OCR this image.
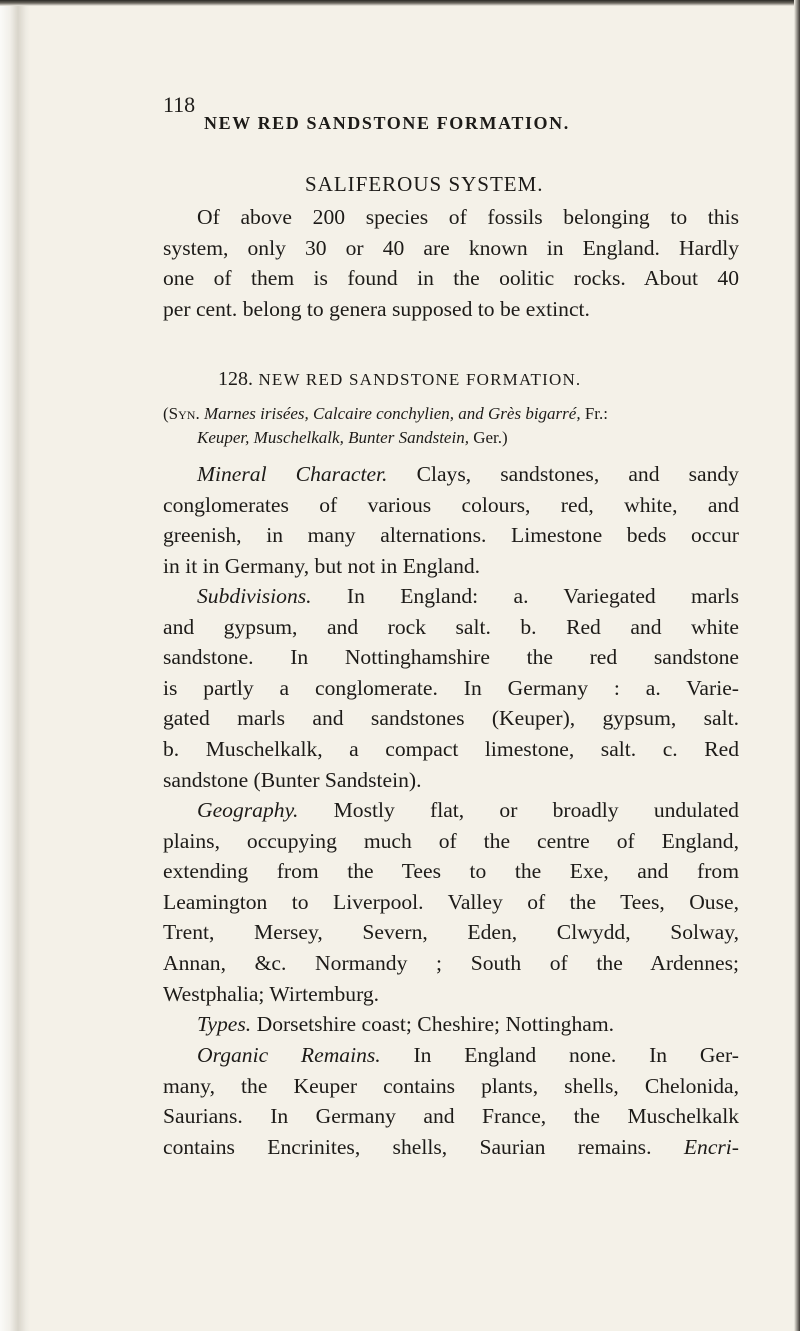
118
NEW RED SANDSTONE FORMATION.
SALIFEROUS SYSTEM.
Of above 200 species of fossils belonging to this
system, only 30 or 40 are known in England. Hardly
one of them is found in the oolitic rocks. About 40
per cent. belong to genera supposed to be extinct.
128. NEW RED SANDSTONE FORMATION.
(Syn. Marnes irisées, Calcaire conchylien, and Grès bigarré, Fr.:
Keuper, Muschelkalk, Bunter Sandstein, Ger.)
Mineral Character. Clays, sandstones, and sandy
conglomerates of various colours, red, white, and
greenish, in many alternations. Limestone beds occur
in it in Germany, but not in England.
Subdivisions. In England: a. Variegated marls
and gypsum, and rock salt. b. Red and white
sandstone. In Nottinghamshire the red sandstone
is partly a conglomerate. In Germany : a. Varie-
gated marls and sandstones (Keuper), gypsum, salt.
b. Muschelkalk, a compact limestone, salt. c. Red
sandstone (Bunter Sandstein).
Geography. Mostly flat, or broadly undulated
plains, occupying much of the centre of England,
extending from the Tees to the Exe, and from
Leamington to Liverpool. Valley of the Tees, Ouse,
Trent, Mersey, Severn, Eden, Clwydd, Solway,
Annan, &c. Normandy ; South of the Ardennes;
Westphalia; Wirtemburg.
Types. Dorsetshire coast; Cheshire; Nottingham.
Organic Remains. In England none. In Ger-
many, the Keuper contains plants, shells, Chelonida,
Saurians. In Germany and France, the Muschelkalk
contains Encrinites, shells, Saurian remains. Encri-
